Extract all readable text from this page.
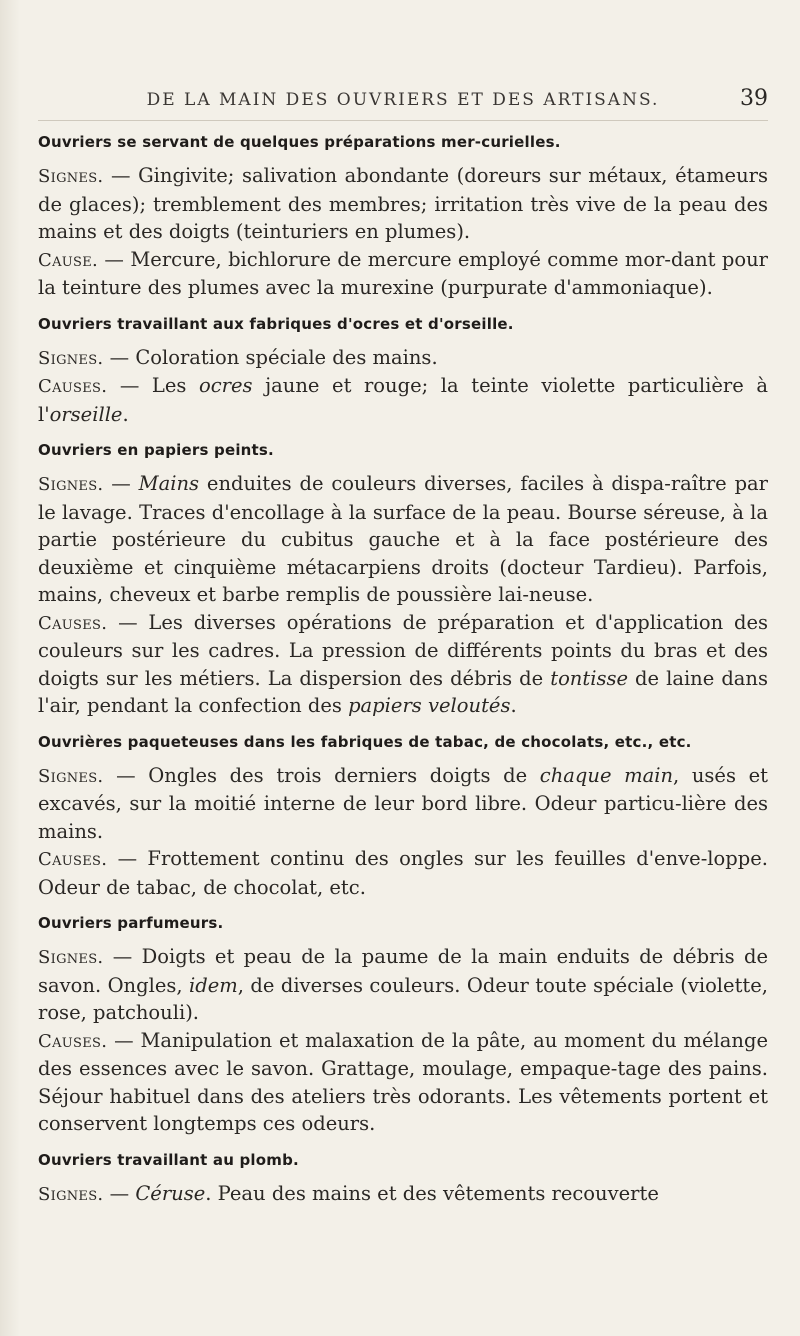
DE LA MAIN DES OUVRIERS ET DES ARTISANS.	39
Ouvriers se servant de quelques préparations mer-curielles.

Signes. — Gingivite; salivation abondante (doreurs sur métaux, étameurs de glaces); tremblement des membres; irritation très vive de la peau des mains et des doigts (teinturiers en plumes).

Cause. — Mercure, bichlorure de mercure employé comme mor-dant pour la teinture des plumes avec la murexine (purpurate d'ammoniaque).

Ouvriers travaillant aux fabriques d'ocres et d'orseille.

Signes. — Coloration spéciale des mains.

Causes. — Les ocres jaune et rouge; la teinte violette particulière à l'orseille.

Ouvriers en papiers peints.

Signes. — Mains enduites de couleurs diverses, faciles à dispa-raître par le lavage. Traces d'encollage à la surface de la peau. Bourse séreuse, à la partie postérieure du cubitus gauche et à la face postérieure des deuxième et cinquième métacarpiens droits (docteur Tardieu). Parfois, mains, cheveux et barbe remplis de poussière lai-neuse.

Causes. — Les diverses opérations de préparation et d'application des couleurs sur les cadres. La pression de différents points du bras et des doigts sur les métiers. La dispersion des débris de tontisse de laine dans l'air, pendant la confection des papiers veloutés.

Ouvrières paqueteuses dans les fabriques de tabac, de chocolats, etc., etc.

Signes. — Ongles des trois derniers doigts de chaque main, usés et excavés, sur la moitié interne de leur bord libre. Odeur particu-lière des mains.

Causes. — Frottement continu des ongles sur les feuilles d'enve-loppe. Odeur de tabac, de chocolat, etc.

Ouvriers parfumeurs.

Signes. — Doigts et peau de la paume de la main enduits de débris de savon. Ongles, idem, de diverses couleurs. Odeur toute spéciale (violette, rose, patchouli).

Causes. — Manipulation et malaxation de la pâte, au moment du mélange des essences avec le savon. Grattage, moulage, empaque-tage des pains. Séjour habituel dans des ateliers très odorants. Les vêtements portent et conservent longtemps ces odeurs.

Ouvriers travaillant au plomb.

Signes. — Céruse. Peau des mains et des vêtements recouverte
